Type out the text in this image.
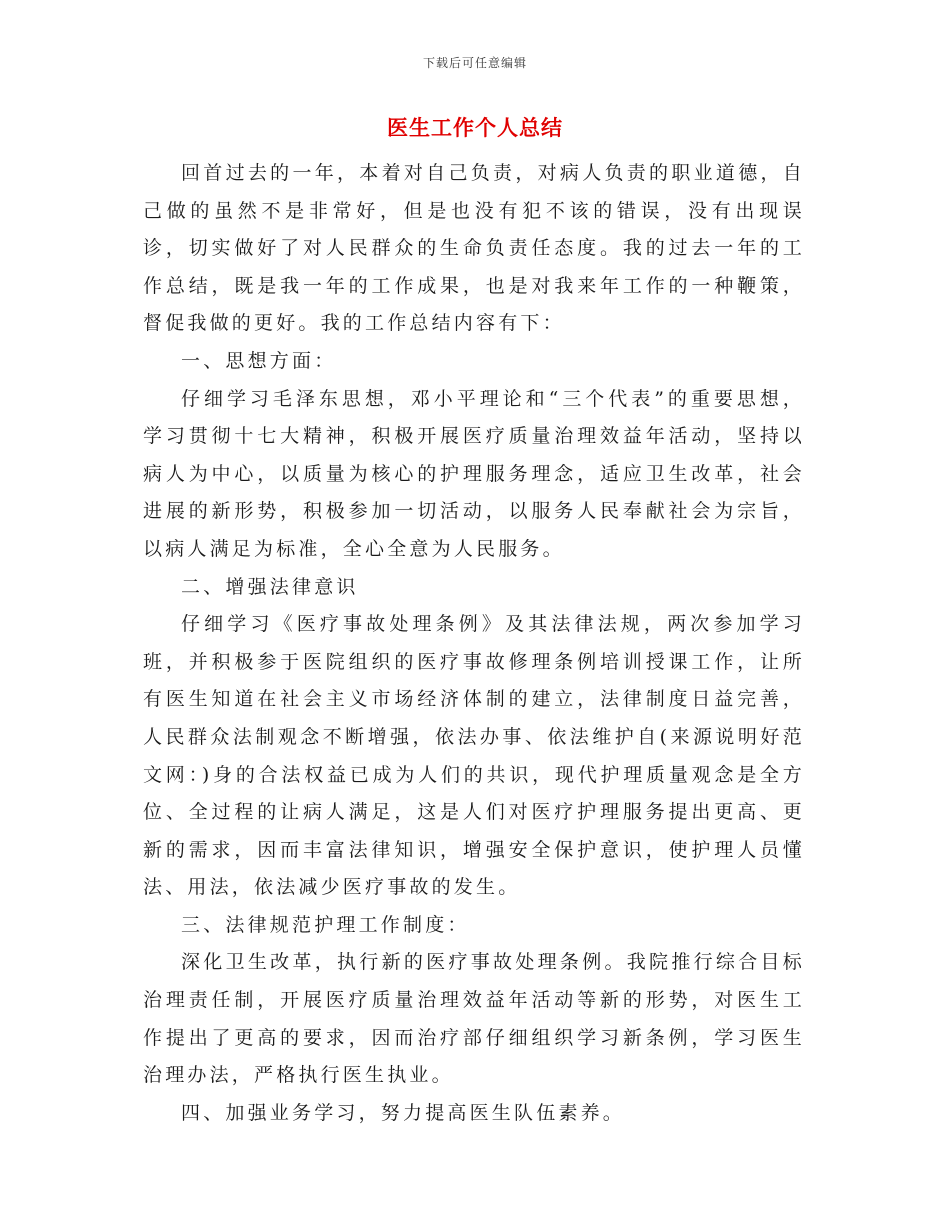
下载后可任意编辑
医生工作个人总结

回首过去的一年，本着对自己负责，对病人负责的职业道德，自己做的虽然不是非常好，但是也没有犯不该的错误，没有出现误诊，切实做好了对人民群众的生命负责任态度。我的过去一年的工作总结，既是我一年的工作成果，也是对我来年工作的一种鞭策，督促我做的更好。我的工作总结内容有下：

一、思想方面：

仔细学习毛泽东思想，邓小平理论和“三个代表”的重要思想，学习贯彻十七大精神，积极开展医疗质量治理效益年活动，坚持以病人为中心，以质量为核心的护理服务理念，适应卫生改革，社会进展的新形势，积极参加一切活动，以服务人民奉献社会为宗旨，以病人满足为标准，全心全意为人民服务。

二、增强法律意识

仔细学习《医疗事故处理条例》及其法律法规，两次参加学习班，并积极参于医院组织的医疗事故修理条例培训授课工作，让所有医生知道在社会主义市场经济体制的建立，法律制度日益完善，人民群众法制观念不断增强，依法办事、依法维护自(来源说明好范 文网：)身的合法权益已成为人们的共识，现代护理质量观念是全方位、全过程的让病人满足，这是人们对医疗护理服务提出更高、更新的需求，因而丰富法律知识，增强安全保护意识，使护理人员懂法、用法，依法减少医疗事故的发生。

三、法律规范护理工作制度：

深化卫生改革，执行新的医疗事故处理条例。我院推行综合目标治理责任制，开展医疗质量治理效益年活动等新的形势，对医生工作提出了更高的要求，因而治疗部仔细组织学习新条例，学习医生治理办法，严格执行医生执业。

四、加强业务学习，努力提高医生队伍素养。
